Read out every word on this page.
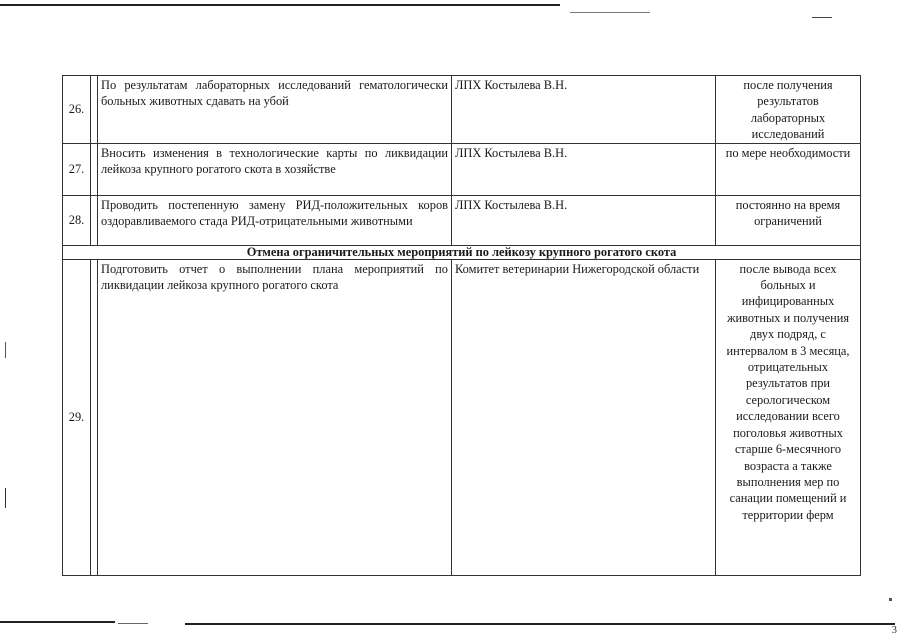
26.		По результатам лабораторных исследований гематологически больных животных сдавать на убой	ЛПХ Костылева В.Н.	после получения результатов лабораторных исследований
27.		Вносить изменения в технологические карты по ликвидации лейкоза крупного рогатого скота в хозяйстве	ЛПХ Костылева В.Н.	по мере необходимости
28.		Проводить постепенную замену РИД-положительных коров оздоравливаемого стада РИД-отрицательными животными	ЛПХ Костылева В.Н.	постоянно на время ограничений
Отмена ограничительных мероприятий по лейкозу крупного рогатого скота				
29.		Подготовить отчет о выполнении плана мероприятий по ликвидации лейкоза крупного рогатого скота	Комитет ветеринарии Нижегородской области	после вывода всех больных и инфицированных животных и получения двух подряд, с интервалом в 3 месяца, отрицательных результатов при серологическом исследовании всего поголовья животных старше 6-месячного возраста а также выполнения мер по санации помещений и территории ферм
3
